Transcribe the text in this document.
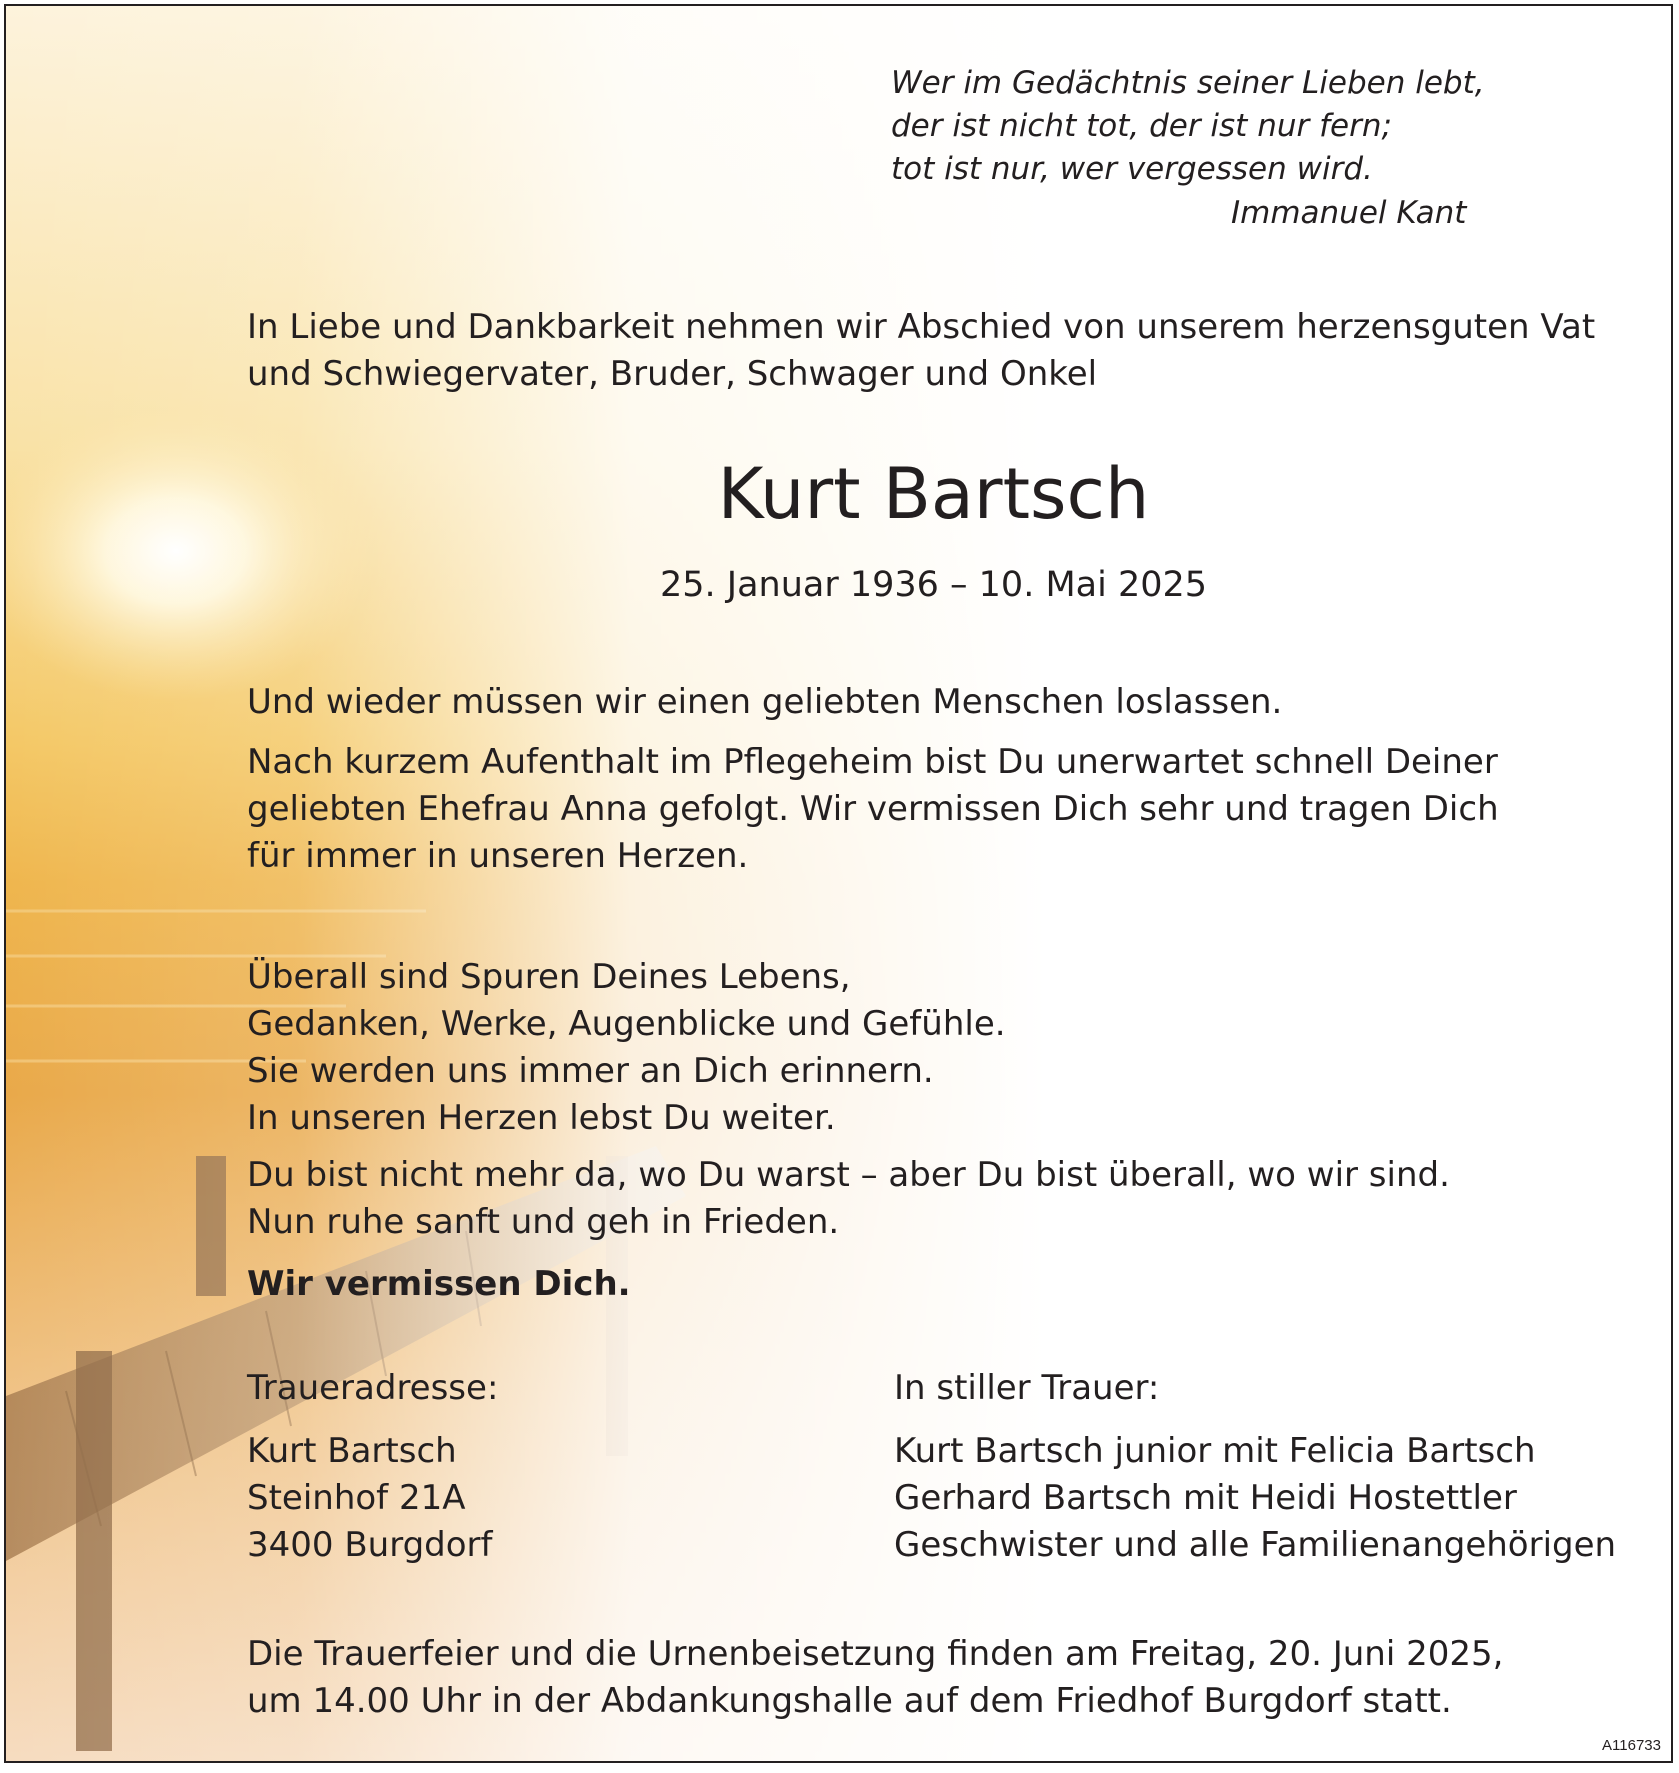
Wer im Gedächtnis seiner Lieben lebt,
der ist nicht tot, der ist nur fern;
tot ist nur, wer vergessen wird.
Immanuel Kant
In Liebe und Dankbarkeit nehmen wir Abschied von unserem herzensguten Vat
und Schwiegervater, Bruder, Schwager und Onkel
Kurt Bartsch
25. Januar 1936 – 10. Mai 2025
Und wieder müssen wir einen geliebten Menschen loslassen.
Nach kurzem Aufenthalt im Pflegeheim bist Du unerwartet schnell Deiner
geliebten Ehefrau Anna gefolgt. Wir vermissen Dich sehr und tragen Dich
für immer in unseren Herzen.
Überall sind Spuren Deines Lebens,
Gedanken, Werke, Augenblicke und Gefühle.
Sie werden uns immer an Dich erinnern.
In unseren Herzen lebst Du weiter.
Du bist nicht mehr da, wo Du warst – aber Du bist überall, wo wir sind.
Nun ruhe sanft und geh in Frieden.
Wir vermissen Dich.
Traueradresse:	In stiller Trauer:
Kurt Bartsch
Steinhof 21A
3400 Burgdorf
Kurt Bartsch junior mit Felicia Bartsch
Gerhard Bartsch mit Heidi Hostettler
Geschwister und alle Familienangehörigen
Die Trauerfeier und die Urnenbeisetzung finden am Freitag, 20. Juni 2025,
um 14.00 Uhr in der Abdankungshalle auf dem Friedhof Burgdorf statt.
A116733
